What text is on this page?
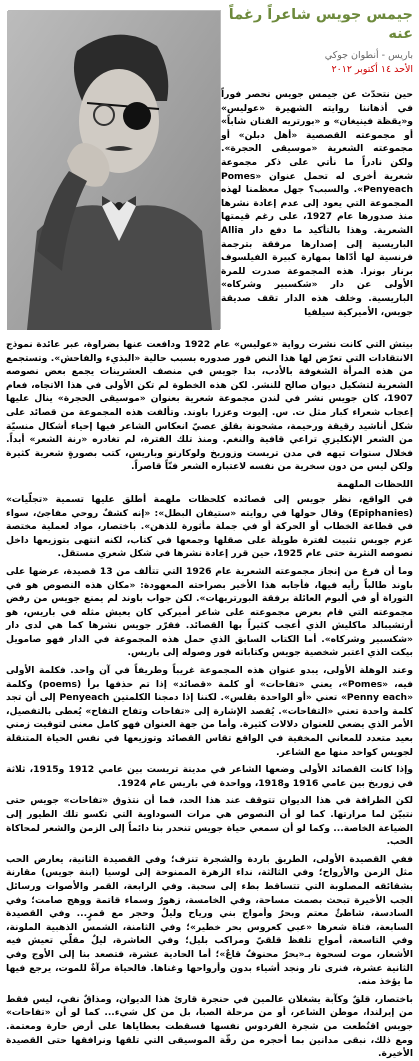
جيمس جويس شاعراً رغماً عنه
باريس - أنطوان جوكي
الأحد ١٤ أكتوبر ٢٠١٢
حين نتحدّث عن جيمس جويس نحصر فوراً في أذهاننا روايته الشهيرة «عوليس» و«يقظة فينيغان» و «بورتريه الفنان شاباً» أو مجموعته القصصية «أهل دبلن» أو مجموعته الشعرية «موسيقى الحجرة». ولكن نادراً ما نأتي على ذكر مجموعة شعرية أخرى له تحمل عنوان «Pomes Penyeach». والسبب؟ جهل معظمنا لهذه المجموعة التي يعود إلى عدم إعادة نشرها منذ صدورها عام 1927، على رغم قيمتها الشعرية. وهذا بالتأكيد ما دفع دار Allia الباريسية إلى إصدارها مرفقة بترجمة فرنسية لها أدّاها بمهارة كبيرة الفيلسوف برنار بونرا. هذه المجموعة صدرت للمرة الأولى عن دار «شكسبير وشركاه» الباريسية. وخلف هذه الدار تقف صديقة جويس، الأميركية سيلفيا

بيتش التي كانت نشرت رواية «عوليس» عام 1922 ودافعت عنها بضراوة، عبر عائدة نموذج الانتقادات التي تعرّض لها هذا النص فور صدوره بسبب حالية «البذيء والفاحش». وتستجمع من هذه المرأة الشغوفة بالأدب، بدا جويس في منصف العشرينات يجمع بعض نصوصه الشعرية لتشكيل ديوان صالح للنشر. لكن هذه الخطوة لم تكن الأولى في هذا الاتجاه، فعام 1907، كان جويس نشر في لندن مجموعة شعرية بعنوان «موسيقى الحجرة» ينال عليها إعجاب شعراء كبار مثل ت. س. إليوت وعزرا باوند. وتألفت هذه المجموعة من قصائد على شكل أناشيد رقيقة ورحيمة، مشحونة بقلق عصيّ انعكاس الشاعر فيها إحياء أشكال منسيّة من الشعر الإنكليزي تراعي قافية والنغم. ومنذ تلك الفترة، لم تغادره «رنة الشعر» أبداً. فخلال سنوات تيهه في مدن تريست وزوريخ ولوكارنو وباريس، كتب بصورةٍ شعرية كثيرة ولكن ليس من دون سخرية من نفسه لاعتباره الشعر فنّاً قاصراً.

اللحظات الملهمة

في الواقع، نظر جويس إلى قصائده كلحظات ملهمة أطلق عليها تسمية «تجلّيات» (Epiphanies) وقال حولها في روايته «ستيفان البطل»: «إنه كشفٌ روحي مفاجئ، سواء في قطاعة الخطاب أو الحركة أو في جملة مأثورة للذهن». باختصار، مواد لعملية مختصة عزم جويس تثبيت لفترة طويلة على صقلها وجمعها في كتاب، لكنه انتهى بتوزيعها داخل نصوصه النثرية حتى عام 1925، حين قرر إعادة نشرها في شكل شعري مستقل.

وما أن فرغ من إنجاز مجموعته الشعرية عام 1926 التي تتألف من 13 قصيدة، عرضها على باوند طالباً رأيه فيها، فأجابه هذا الأخير بصراحته المعهودة: «مكان هذه النصوص هو في التوراة أو في ألبوم العائلة برفقة البورتريهات». لكن جواب باوند لم يمنع جويس من رفض مجموعته التي قام بعرض مجموعته على شاعر أميركي كان يعيش مثله في باريس، هو أرتشيبالد ماكليش الذي أعجب كثيراً بها القصائد. فقرّر جويس نشرها كما هي لدى دار «شكسبير وشركاه». أما الكتاب السابق الذي حمل هذه المجموعة في الدار فهو صامويل بيكت الذي اعتبر شخصية جويس وكتاباته فور وصوله إلى باريس.

وعند الوهلة الأولى، يبدو عنوان هذه المجموعة غريباً وطريفاً في آن واحد. فكلمة الأولى فيه، «Pomes»، يعني «تفاحات» أو كلمة «قصائد» إذا تم حذفها برأ (poems) وكلمة «Penny each» تعني «أو الواحدة بقلس». لكننا إذا دمجنا الكلمتين Penyeach إلى أن تجد كلمة واحدة تعني «التفاحات». يُقصد الإشارة إلى «تفاحات وتفاح التفاح» يُعطى بالتفصيل، الأمر الذي يضعي للعنوان دلالات كثيرة. وأما من جهة العنوان فهو كامل معنى لتوقيت زمني بعيد متعدد للمعاني المخفية في الواقع تقاس القصائد وتوزيعها في نفس الحياة المتنقلة لجويس كواحد منها مع الشاعر.

وإذا كانت القصائد الأولى وضعها الشاعر في مدينة تريست بين عامي 1912 و1915، ثلاثة في زوريخ بين عامي 1916 و1918، وواحدة في باريس عام 1924.

لكن الطرافة في هذا الديوان تتوقف عند هذا الحد، فما أن نتذوق «تفاحات» جويس حتى نتبيّن لما مرارتها. كما لو أن النصوص هي مرات السوداوية التي تكسو تلك الطيور إلى الضياعة الخاصة... وكما لو أن سمعي حياة جويس تنحدر بنا دائماً إلى الزمن والشعر لمحاكاة الحب.

ففي القصيدة الأولى، الطريق باردة والشجرة تنزف؛ وفي القصيدة الثانية، يعارض الحب مثل الزمن والأرواح؛ وفي الثالثة، نداء الزهرة الممنوحة إلى لوسيا (ابنة جويس) مقارنة بشقائقه المصلوبة التي تتساقط بطء إلى سحبة. وفي الرابعة، القمر والأصوات ورسائل الجب الأخيرة تبحث بصمت مساحة، وفي الخامسة، زهورٌ وسماء قاتمة ووهج صامت؛ وفي السادسة، شاطئٌ معتم وبحرٌ وأمواج بني ورياح وليلٌ وحجر مع قمرٍ... وفي القصيدة السابعة، فتاة شعرها «عبي كعروس بحر خطير»؛ وفي الثامنة، الشمس الذهبية الملونة، وفي التاسعة، أمواج تلفظ قلقيّ ومراكب بليل؛ وفي العاشرة، ليلٌ مقلّي تعيش فيه الأشعار، موت لسحوة بـ«بحرٌ محنوفٌ قاعٌ»؛ أما الحادية عشرة، فتصعد بنا إلى الأوج وفي الثانية عشرة، فنرى نار ونجد أشياء بدون وأرواحها وغناها. فالحياة مرآةٌ للموت، يرجع فيها ما يؤخذ منه.

باختصار، قلقٌ وكآبة يشغلان عالمين في حنجرة قارئ هذا الديوان، ومذاقٌ نفي، ليس فقط من إيرلندا، موطن الشاعر، أو من مرحلة الصبا، بل من كل شيء... كما لو أن «تفاحات» جويس اقتُطعت من شجرة الفردوس نفسها فسقطت بعطاياها على أرض حارة ومعتمة. ومع ذلك، نبقى مدانين بما أحجره من رقّة الموسيقى التي تلقها ونرافقها حتى القصيدة الأخيرة.
